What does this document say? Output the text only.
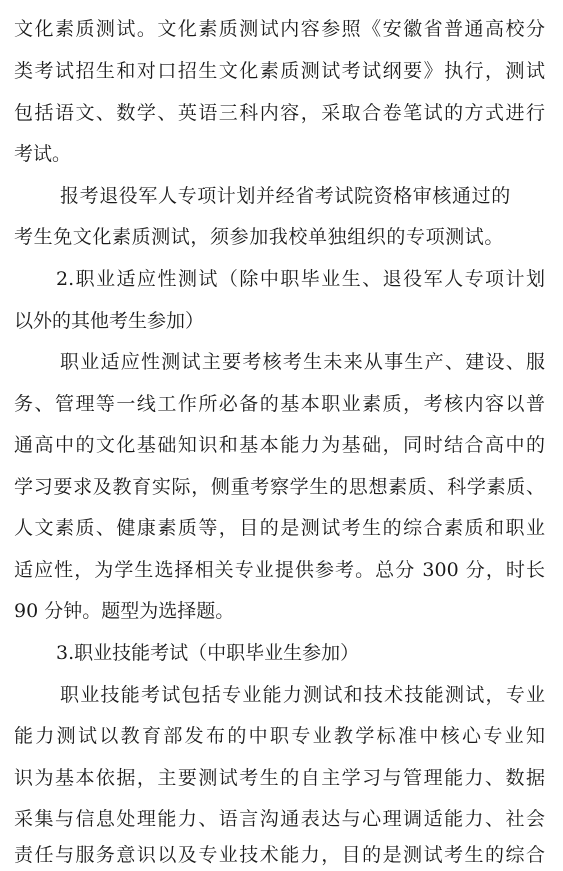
文化素质测试。文化素质测试内容参照《安徽省普通高校分
类考试招生和对口招生文化素质测试考试纲要》执行，测试
包括语文、数学、英语三科内容，采取合卷笔试的方式进行
考试。
报考退役军人专项计划并经省考试院资格审核通过的
考生免文化素质测试，须参加我校单独组织的专项测试。
2.职业适应性测试（除中职毕业生、退役军人专项计划
以外的其他考生参加）
职业适应性测试主要考核考生未来从事生产、建设、服
务、管理等一线工作所必备的基本职业素质，考核内容以普
通高中的文化基础知识和基本能力为基础，同时结合高中的
学习要求及教育实际，侧重考察学生的思想素质、科学素质、
人文素质、健康素质等，目的是测试考生的综合素质和职业
适应性，为学生选择相关专业提供参考。总分 300 分，时长
90 分钟。题型为选择题。
3.职业技能考试（中职毕业生参加）
职业技能考试包括专业能力测试和技术技能测试，专业
能力测试以教育部发布的中职专业教学标准中核心专业知
识为基本依据，主要测试考生的自主学习与管理能力、数据
采集与信息处理能力、语言沟通表达与心理调适能力、社会
责任与服务意识以及专业技术能力，目的是测试考生的综合
